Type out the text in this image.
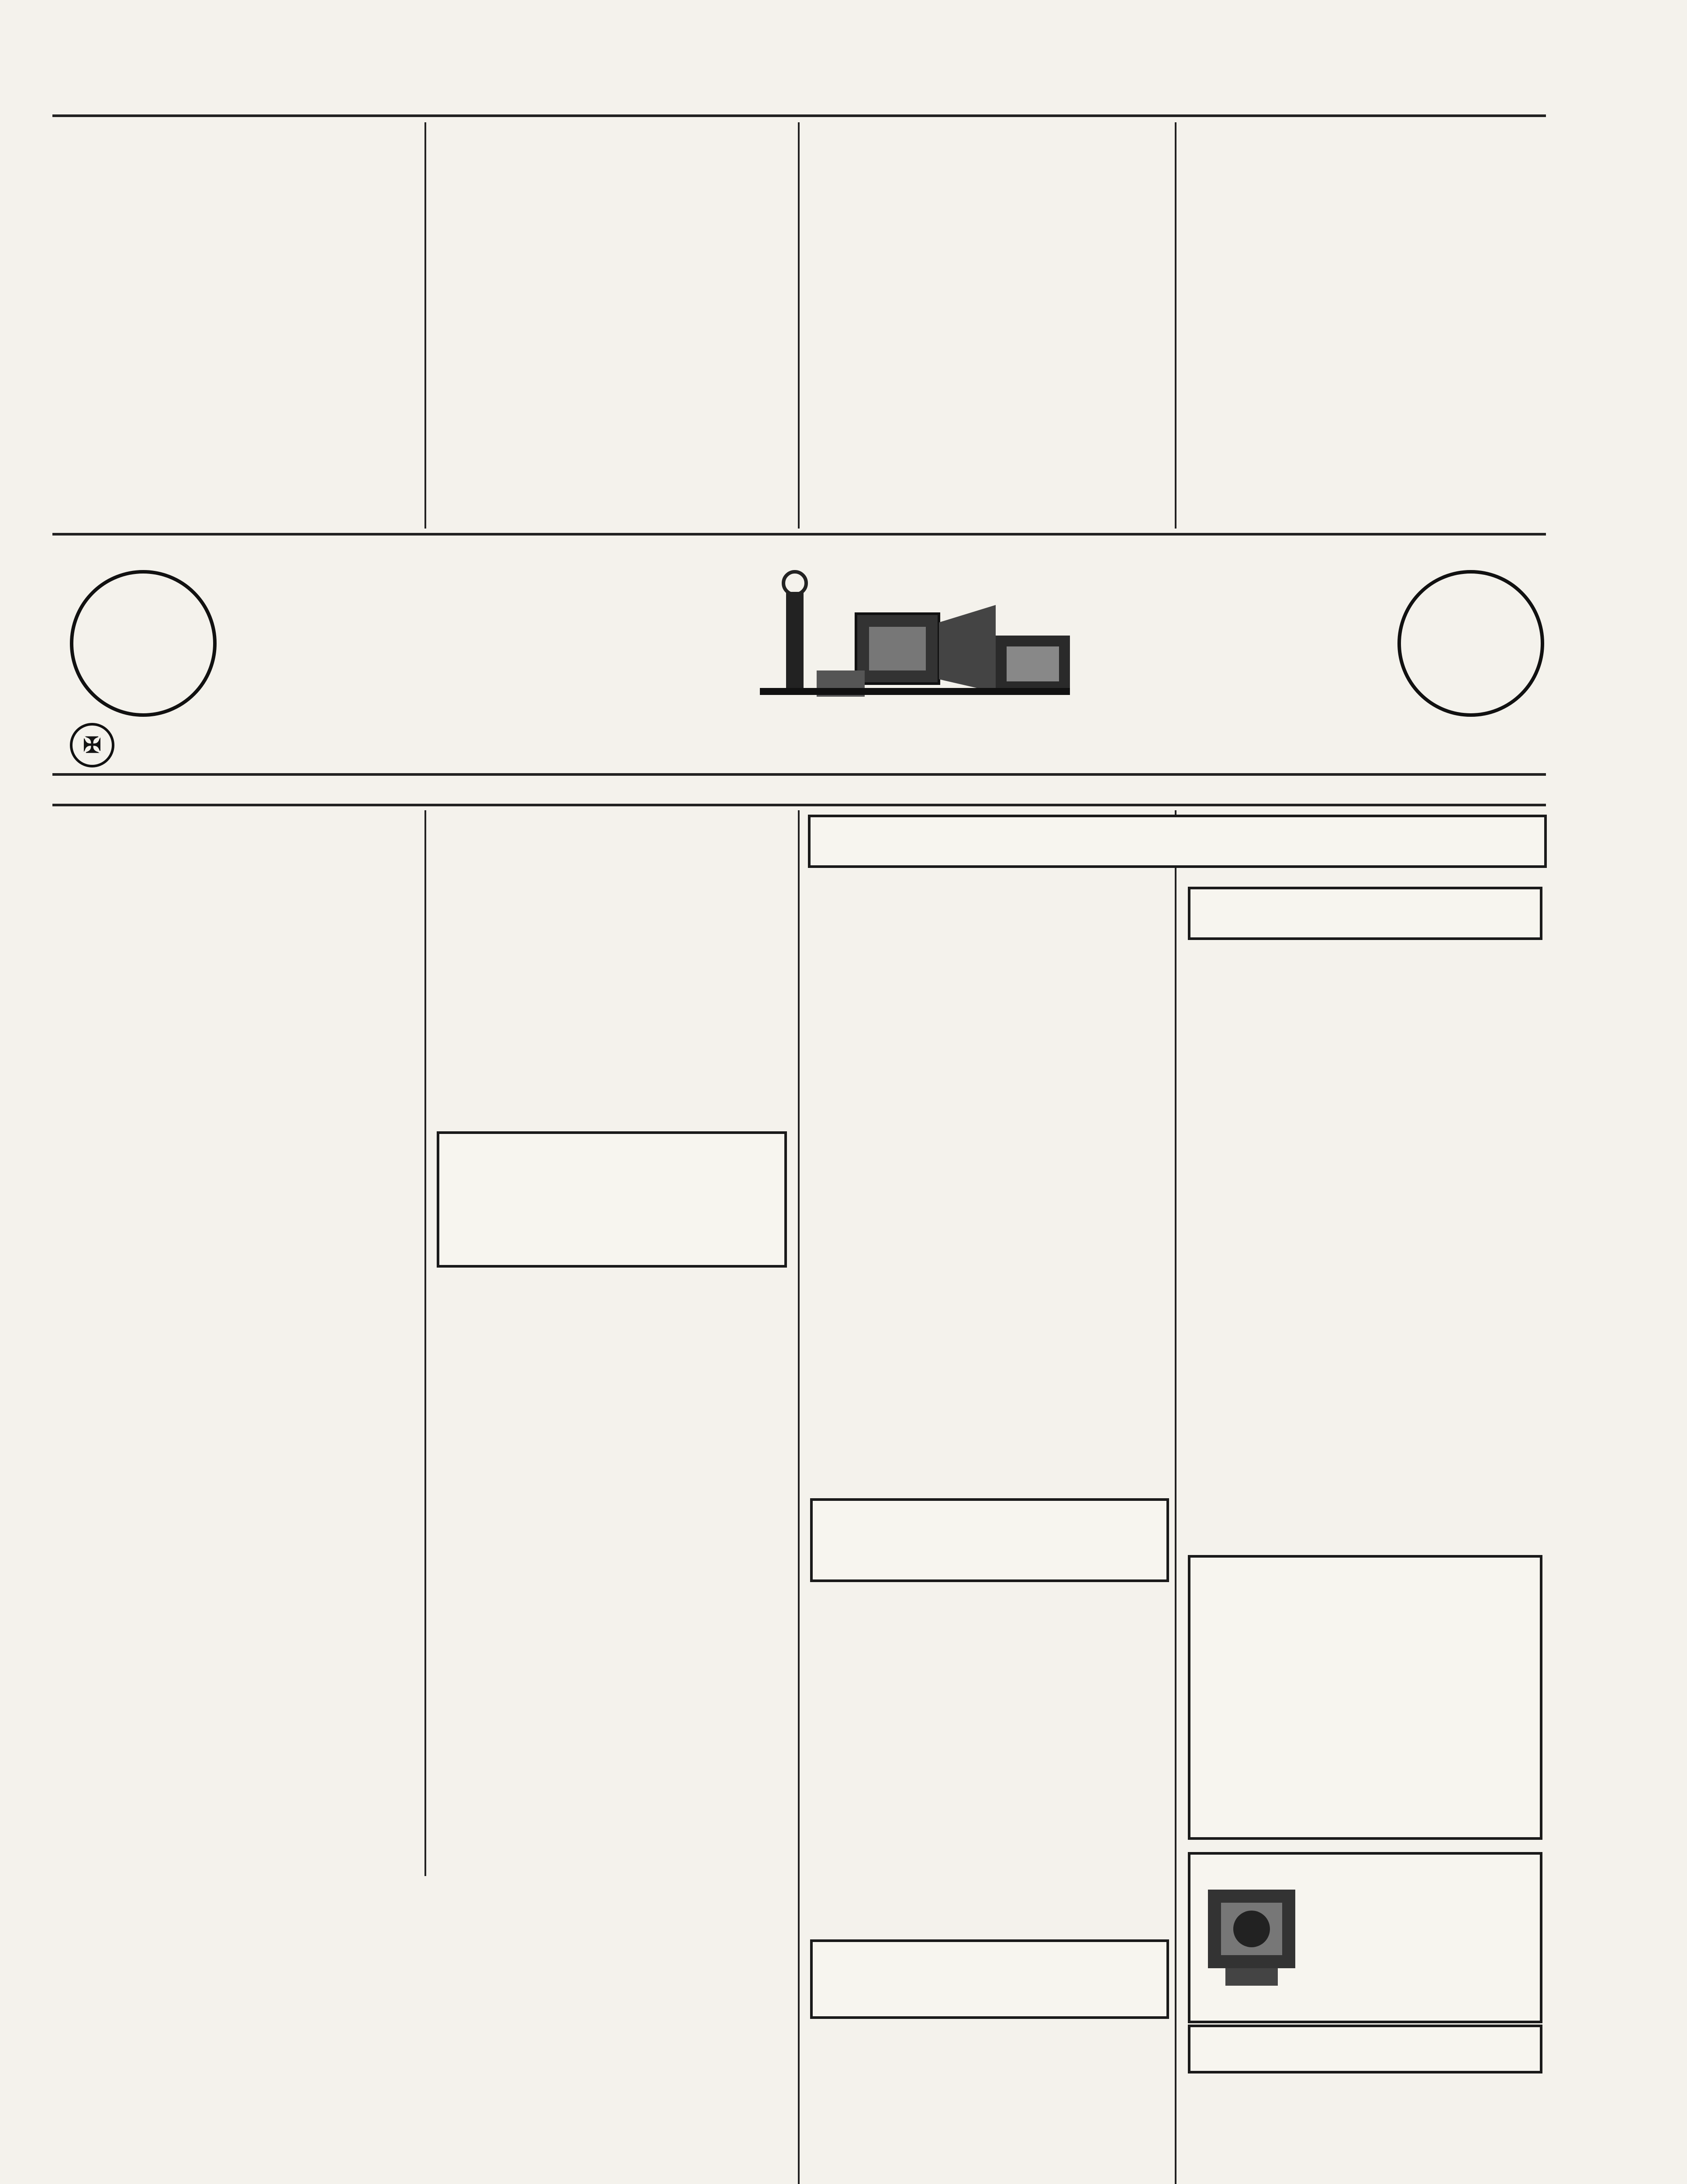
✠
